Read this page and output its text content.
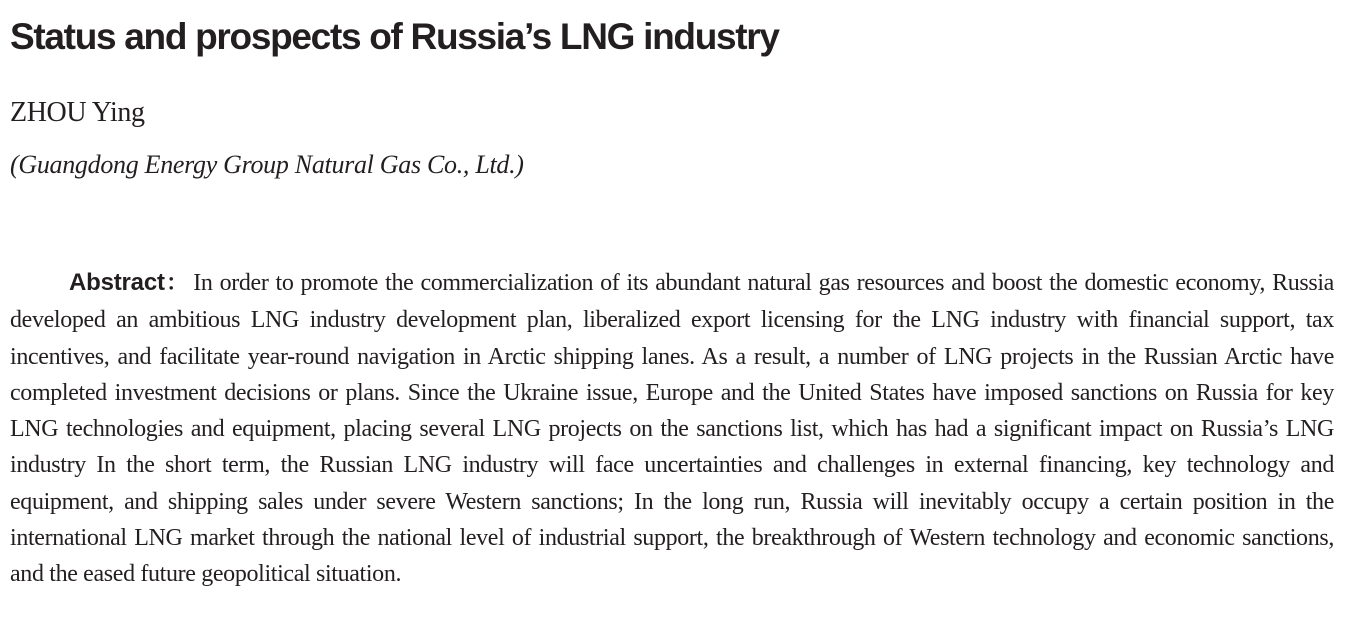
Status and prospects of Russia’s LNG industry
ZHOU Ying
(Guangdong Energy Group Natural Gas Co., Ltd.)

Abstract： In order to promote the commercialization of its abundant natural gas resources and boost the domestic economy, Russia developed an ambitious LNG industry development plan, liberalized export licensing for the LNG industry with financial support, tax incentives, and facilitate year-round navigation in Arctic shipping lanes. As a result, a number of LNG projects in the Russian Arctic have completed investment decisions or plans. Since the Ukraine issue, Europe and the United States have imposed sanctions on Russia for key LNG technologies and equipment, placing several LNG projects on the sanctions list, which has had a significant impact on Russia’s LNG industry In the short term, the Russian LNG industry will face uncertainties and challenges in external financing, key technology and equipment, and shipping sales under severe Western sanctions; In the long run, Russia will inevitably occupy a certain position in the international LNG market through the national level of industrial support, the breakthrough of Western technology and economic sanctions, and the eased future geopolitical situation.
